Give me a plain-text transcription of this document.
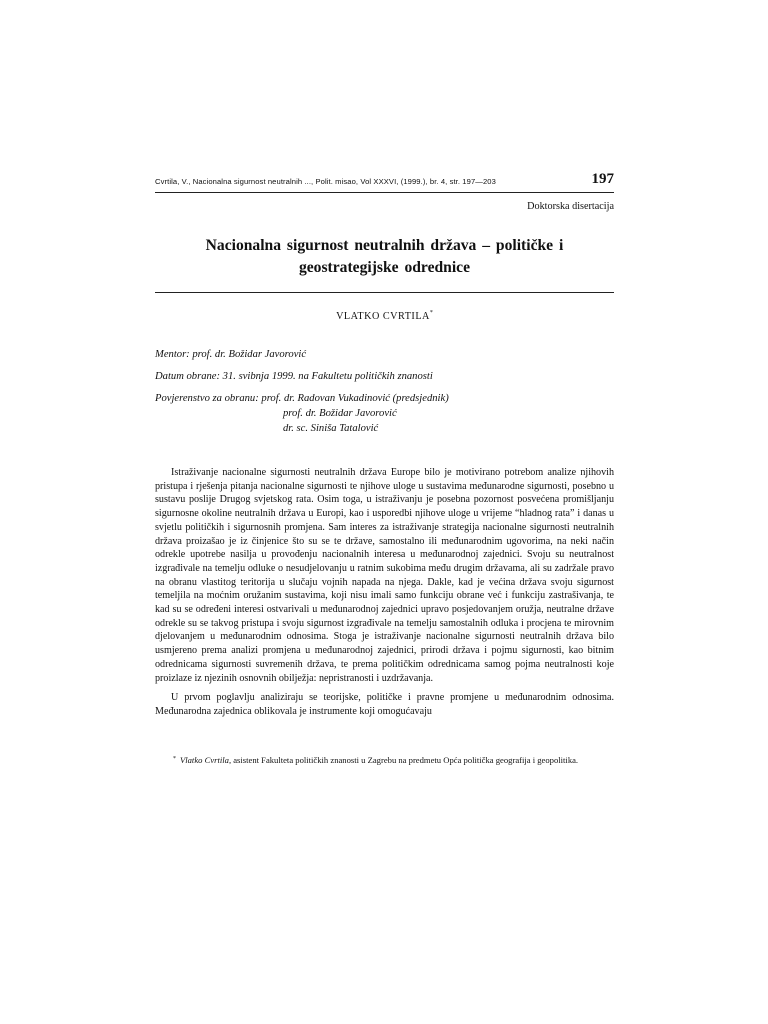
Cvrtila, V., Nacionalna sigurnost neutralnih ..., Polit. misao, Vol XXXVI, (1999.), br. 4, str. 197—203	197
Doktorska disertacija
Nacionalna sigurnost neutralnih država – političke i
geostrategijske odrednice
VLATKO CVRTILA*
Mentor: prof. dr. Božidar Javorović
Datum obrane: 31. svibnja 1999. na Fakultetu političkih znanosti
Povjerenstvo za obranu: prof. dr. Radovan Vukadinović (predsjednik)
prof. dr. Božidar Javorović
dr. sc. Siniša Tatalović

Istraživanje nacionalne sigurnosti neutralnih država Europe bilo je motivirano potrebom analize njihovih pristupa i rješenja pitanja nacionalne sigurnosti te njihove uloge u sustavima međunarodne sigurnosti, posebno u sustavu poslije Drugog svjetskog rata. Osim toga, u istraživanju je posebna pozornost posvećena promišljanju sigurnosne okoline neutralnih država u Europi, kao i usporedbi njihove uloge u vrijeme “hladnog rata” i danas u svjetlu političkih i sigurnosnih promjena. Sam interes za istraživanje strategija nacionalne sigurnosti neutralnih država proizašao je iz činjenice što su se te države, samostalno ili međunarodnim ugovorima, na neki način odrekle upotrebe nasilja u provođenju nacionalnih interesa u međunarodnoj zajednici. Svoju su neutralnost izgrađivale na temelju odluke o nesudjelovanju u ratnim sukobima među drugim državama, ali su zadržale pravo na obranu vlastitog teritorija u slučaju vojnih napada na njega. Dakle, kad je većina država svoju sigurnost temeljila na moćnim oružanim sustavima, koji nisu imali samo funkciju obrane već i funkciju zastrašivanja, te kad su se određeni interesi ostvarivali u međunarodnoj zajednici upravo posjedovanjem oružja, neutralne države odrekle su se takvog pristupa i svoju sigurnost izgrađivale na temelju samostalnih odluka i procjena te mirovnim djelovanjem u međunarodnim odnosima. Stoga je istraživanje nacionalne sigurnosti neutralnih država bilo usmjereno prema analizi promjena u međunarodnoj zajednici, prirodi država i pojmu sigurnosti, kao bitnim odrednicama sigurnosti suvremenih država, te prema političkim odrednicama samog pojma neutralnosti koje proizlaze iz njezinih osnovnih obilježja: nepristranosti i uzdržavanja.

U prvom poglavlju analiziraju se teorijske, političke i pravne promjene u međunarodnim odnosima. Međunarodna zajednica oblikovala je instrumente koji omogućavaju

* Vlatko Cvrtila, asistent Fakulteta političkih znanosti u Zagrebu na predmetu Opća politička geografija i geopolitika.
